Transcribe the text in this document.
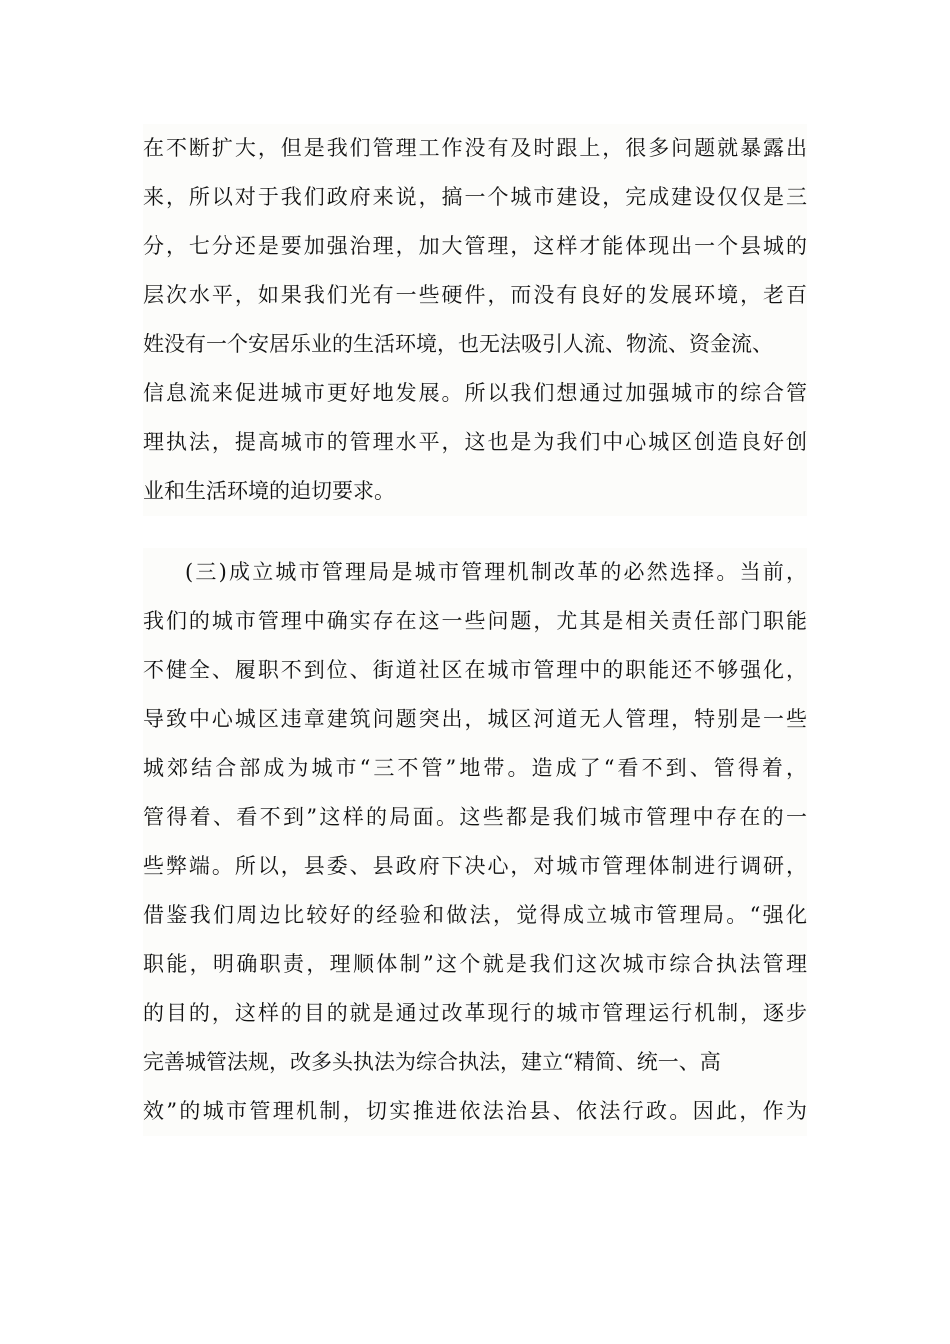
在不断扩大，但是我们管理工作没有及时跟上，很多问题就暴露出
来，所以对于我们政府来说，搞一个城市建设，完成建设仅仅是三
分，七分还是要加强治理，加大管理，这样才能体现出一个县城的
层次水平，如果我们光有一些硬件，而没有良好的发展环境，老百
姓没有一个安居乐业的生活环境，也无法吸引人流、物流、资金流、
信息流来促进城市更好地发展。所以我们想通过加强城市的综合管
理执法，提高城市的管理水平，这也是为我们中心城区创造良好创
业和生活环境的迫切要求。
(三)成立城市管理局是城市管理机制改革的必然选择。当前，
我们的城市管理中确实存在这一些问题，尤其是相关责任部门职能
不健全、履职不到位、街道社区在城市管理中的职能还不够强化，
导致中心城区违章建筑问题突出，城区河道无人管理，特别是一些
城郊结合部成为城市“三不管”地带。造成了“看不到、管得着，
管得着、看不到”这样的局面。这些都是我们城市管理中存在的一
些弊端。所以，县委、县政府下决心，对城市管理体制进行调研，
借鉴我们周边比较好的经验和做法，觉得成立城市管理局。“强化
职能，明确职责，理顺体制”这个就是我们这次城市综合执法管理
的目的，这样的目的就是通过改革现行的城市管理运行机制，逐步
完善城管法规，改多头执法为综合执法，建立“精简、统一、高
效”的城市管理机制，切实推进依法治县、依法行政。因此，作为
